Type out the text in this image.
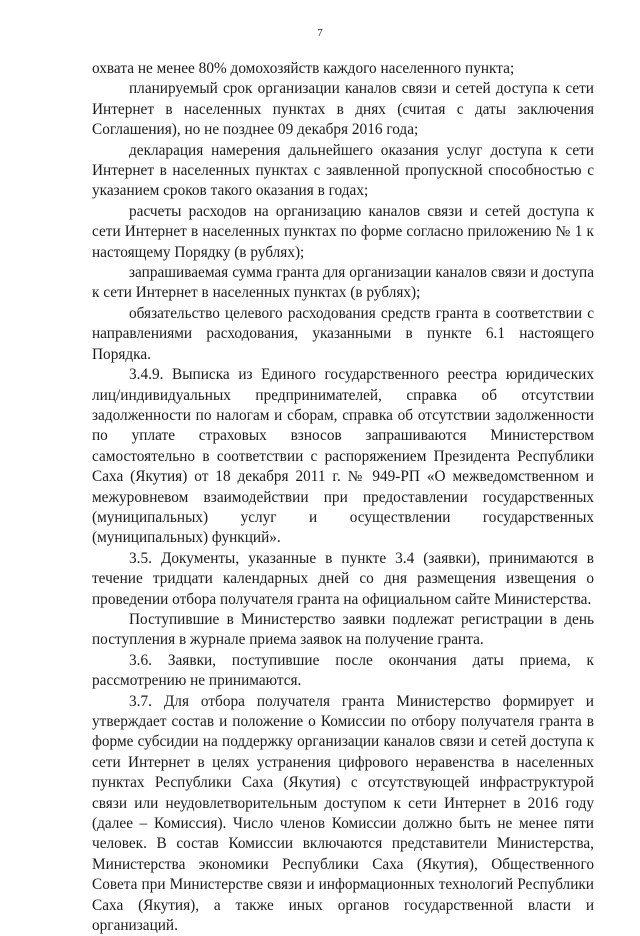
7

охвата не менее 80% домохозяйств каждого населенного пункта;

планируемый срок организации каналов связи и сетей доступа к сети Интернет в населенных пунктах в днях (считая с даты заключения Соглашения), но не позднее 09 декабря 2016 года;

декларация намерения дальнейшего оказания услуг доступа к сети Интернет в населенных пунктах с заявленной пропускной способностью с указанием сроков такого оказания в годах;

расчеты расходов на организацию каналов связи и сетей доступа к сети Интернет в населенных пунктах по форме согласно приложению № 1 к настоящему Порядку (в рублях);

запрашиваемая сумма гранта для организации каналов связи и доступа к сети Интернет в населенных пунктах (в рублях);

обязательство целевого расходования средств гранта в соответствии с направлениями расходования, указанными в пункте 6.1 настоящего Порядка.

3.4.9. Выписка из Единого государственного реестра юридических лиц/индивидуальных предпринимателей, справка об отсутствии задолженности по налогам и сборам, справка об отсутствии задолженности по уплате страховых взносов запрашиваются Министерством самостоятельно в соответствии с распоряжением Президента Республики Саха (Якутия) от 18 декабря 2011 г. № 949-РП «О межведомственном и межуровневом взаимодействии при предоставлении государственных (муниципальных) услуг и осуществлении государственных (муниципальных) функций».

3.5. Документы, указанные в пункте 3.4 (заявки), принимаются в течение тридцати календарных дней со дня размещения извещения о проведении отбора получателя гранта на официальном сайте Министерства.

Поступившие в Министерство заявки подлежат регистрации в день поступления в журнале приема заявок на получение гранта.

3.6. Заявки, поступившие после окончания даты приема, к рассмотрению не принимаются.

3.7. Для отбора получателя гранта Министерство формирует и утверждает состав и положение о Комиссии по отбору получателя гранта в форме субсидии на поддержку организации каналов связи и сетей доступа к сети Интернет в целях устранения цифрового неравенства в населенных пунктах Республики Саха (Якутия) с отсутствующей инфраструктурой связи или неудовлетворительным доступом к сети Интернет в 2016 году (далее – Комиссия). Число членов Комиссии должно быть не менее пяти человек. В состав Комиссии включаются представители Министерства, Министерства экономики Республики Саха (Якутия), Общественного Совета при Министерстве связи и информационных технологий Республики Саха (Якутия), а также иных органов государственной власти и организаций.
